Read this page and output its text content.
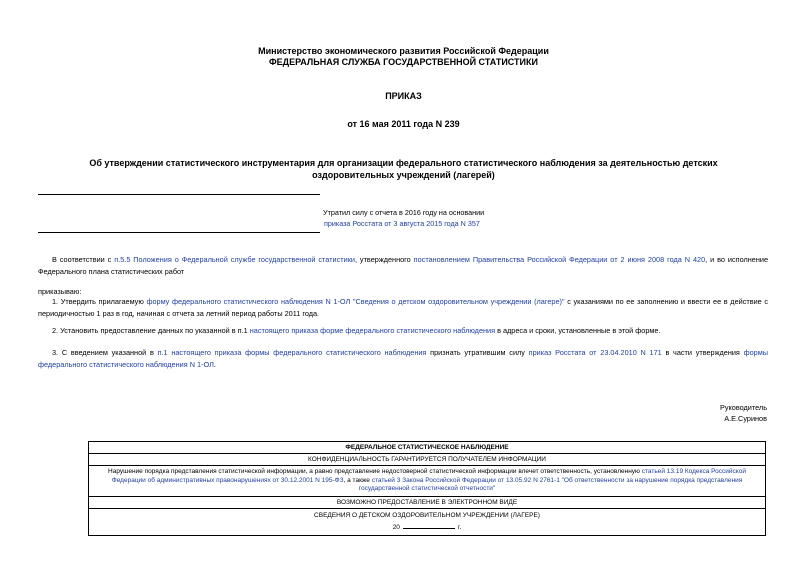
Министерство экономического развития Российской Федерации
ФЕДЕРАЛЬНАЯ СЛУЖБА ГОСУДАРСТВЕННОЙ СТАТИСТИКИ
ПРИКАЗ
от 16 мая 2011 года N 239
Об утверждении статистического инструментария для организации федерального статистического наблюдения за деятельностью детских оздоровительных учреждений (лагерей)
Утратил силу с отчета в 2016 году на основании
приказа Росстата от 3 августа 2015 года N 357
В соответствии с п.5.5 Положения о Федеральной службе государственной статистики, утвержденного постановлением Правительства Российской Федерации от 2 июня 2008 года N 420, и во исполнение Федерального плана статистических работ
приказываю:
1. Утвердить прилагаемую форму федерального статистического наблюдения N 1-ОЛ "Сведения о детском оздоровительном учреждении (лагере)" с указаниями по ее заполнению и ввести ее в действие с периодичностью 1 раз в год, начиная с отчета за летний период работы 2011 года.
2. Установить предоставление данных по указанной в п.1 настоящего приказа форме федерального статистического наблюдения в адреса и сроки, установленные в этой форме.
3. С введением указанной в п.1 настоящего приказа формы федерального статистического наблюдения признать утратившим силу приказ Росстата от 23.04.2010 N 171 в части утверждения формы федерального статистического наблюдения N 1-ОЛ.
Руководитель
А.Е.Суринов
ФЕДЕРАЛЬНОЕ СТАТИСТИЧЕСКОЕ НАБЛЮДЕНИЕ
КОНФИДЕНЦИАЛЬНОСТЬ ГАРАНТИРУЕТСЯ ПОЛУЧАТЕЛЕМ ИНФОРМАЦИИ
Нарушение порядка представления статистической информации, а равно представление недостоверной статистической информации влечет ответственность, установленную статьей 13.19 Кодекса Российской Федерации об административных правонарушениях от 30.12.2001 N 195-ФЗ, а также статьей 3 Закона Российской Федерации от 13.05.92 N 2761-1 "Об ответственности за нарушение порядка представления государственной статистической отчетности"
ВОЗМОЖНО ПРЕДОСТАВЛЕНИЕ В ЭЛЕКТРОННОМ ВИДЕ

СВЕДЕНИЯ О ДЕТСКОМ ОЗДОРОВИТЕЛЬНОМ УЧРЕЖДЕНИИ (ЛАГЕРЕ)
20	г.
